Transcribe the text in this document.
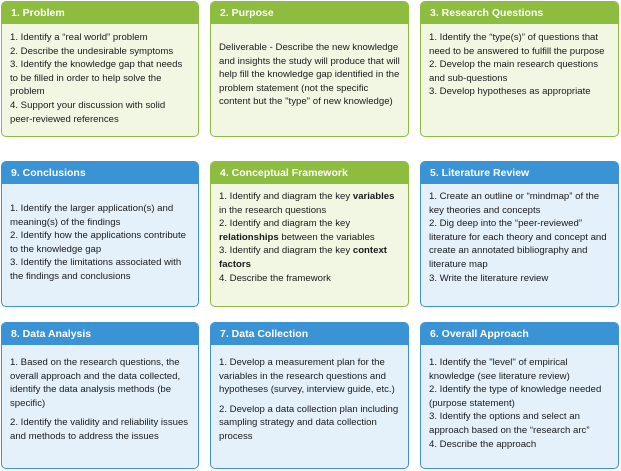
1. Problem

1. Identify a “real world” problem

2. Describe the undesirable symptoms

3. Identify the knowledge gap that needs to be filled in order to help solve the problem

4. Support your discussion with solid peer-reviewed references

2. Purpose

Deliverable - Describe the new knowledge and insights the study will produce that will help fill the knowledge gap identified in the problem statement (not the specific content but the "type" of new knowledge)

3. Research Questions

1. Identify the “type(s)” of questions that need to be answered to fulfill the purpose

2. Develop the main research questions and sub-questions

3. Develop hypotheses as appropriate

9. Conclusions

1. Identify the larger application(s) and meaning(s) of the findings

2. Identify how the applications contribute to the knowledge gap

3. Identify the limitations associated with the findings and conclusions

4. Conceptual Framework

1. Identify and diagram the key variables in the research questions

2. Identify and diagram the key relationships between the variables

3. Identify and diagram the key context factors

4. Describe the framework

5. Literature Review

1. Create an outline or “mindmap” of the key theories and concepts

2. Dig deep into the “peer-reviewed” literature for each theory and concept and create an annotated bibliography and literature map

3. Write the literature review

8. Data Analysis

1. Based on the research questions, the overall approach and the data collected, identify the data analysis methods (be specific)

2. Identify the validity and reliability issues and methods to address the issues

7. Data Collection

1. Develop a measurement plan for the variables in the research questions and hypotheses (survey, interview guide, etc.)

2. Develop a data collection plan including sampling strategy and data collection process

6. Overall Approach

1. Identify the "level" of empirical knowledge (see literature review)

2. Identify the type of knowledge needed (purpose statement)

3. Identify the options and select an approach based on the “research arc”

4. Describe the approach
